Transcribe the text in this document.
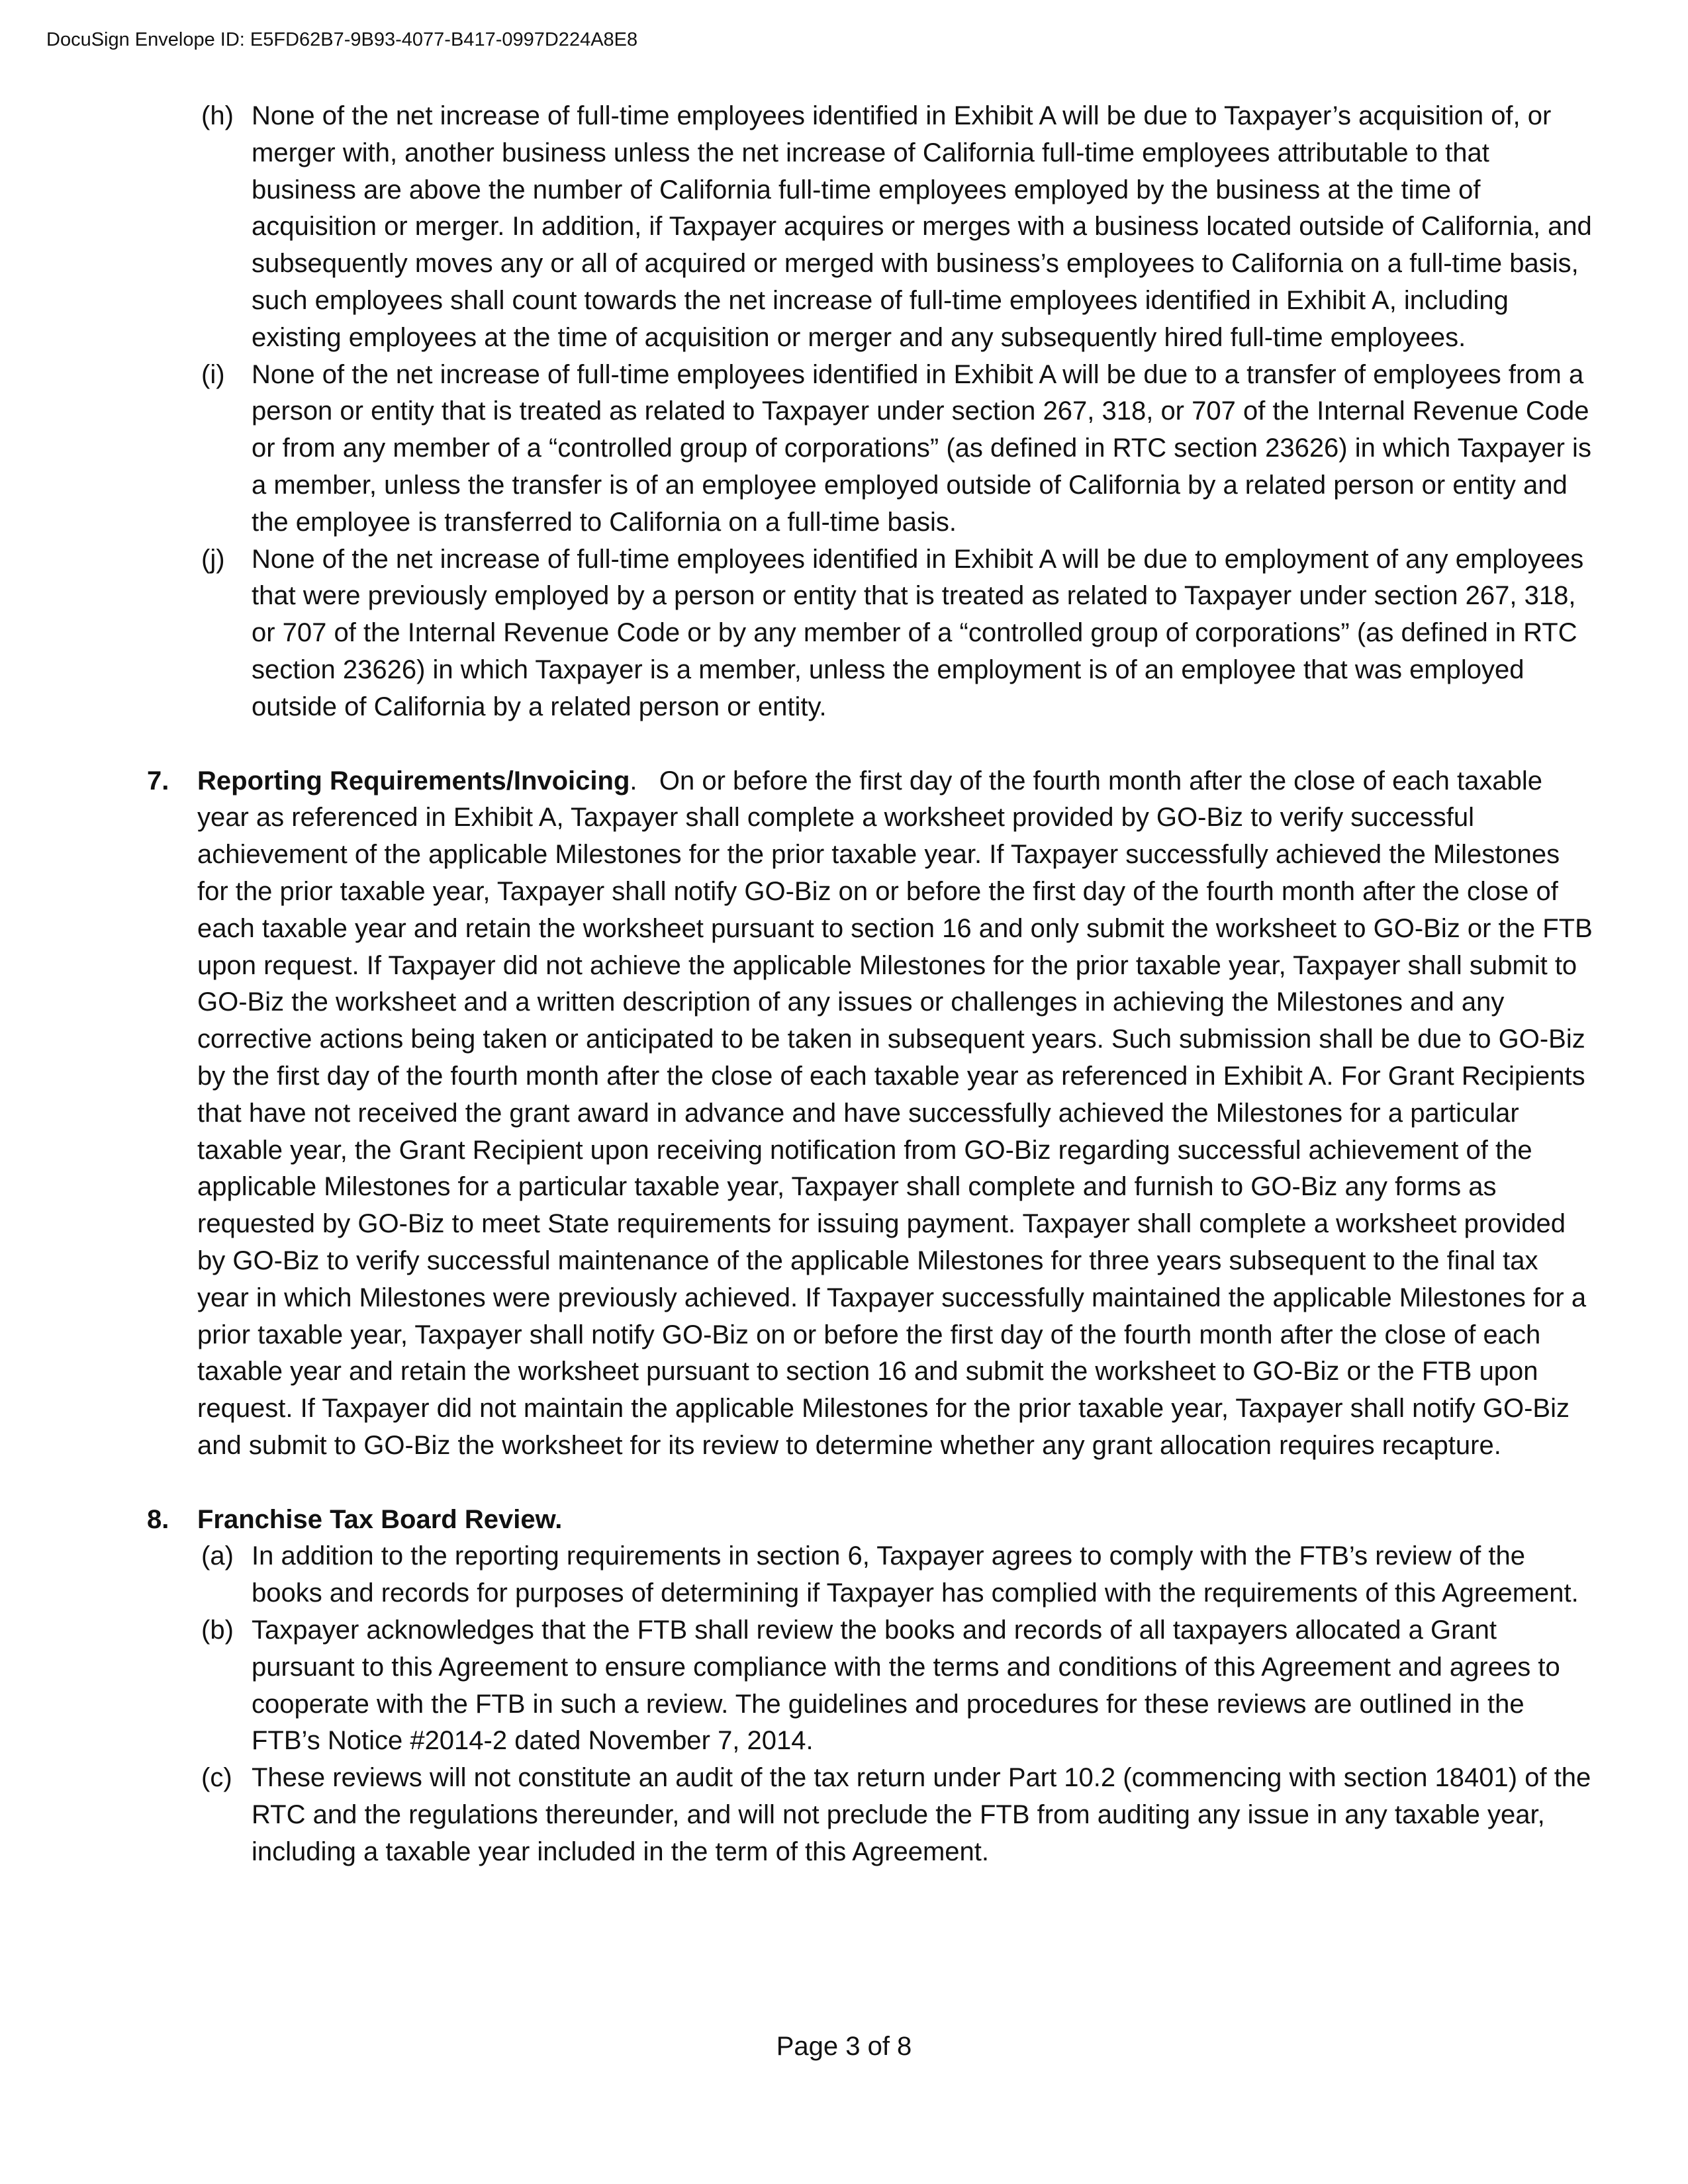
DocuSign Envelope ID: E5FD62B7-9B93-4077-B417-0997D224A8E8
(h) None of the net increase of full-time employees identified in Exhibit A will be due to Taxpayer’s acquisition of, or merger with, another business unless the net increase of California full-time employees attributable to that business are above the number of California full-time employees employed by the business at the time of acquisition or merger. In addition, if Taxpayer acquires or merges with a business located outside of California, and subsequently moves any or all of acquired or merged with business’s employees to California on a full-time basis, such employees shall count towards the net increase of full-time employees identified in Exhibit A, including existing employees at the time of acquisition or merger and any subsequently hired full-time employees.
(i)	None of the net increase of full-time employees identified in Exhibit A will be due to a transfer of employees from a person or entity that is treated as related to Taxpayer under section 267, 318, or 707 of the Internal Revenue Code or from any member of a “controlled group of corporations” (as defined in RTC section 23626) in which Taxpayer is a member, unless the transfer is of an employee employed outside of California by a related person or entity and the employee is transferred to California on a full-time basis.
(j)	None of the net increase of full-time employees identified in Exhibit A will be due to employment of any employees that were previously employed by a person or entity that is treated as related to Taxpayer under section 267, 318, or 707 of the Internal Revenue Code or by any member of a “controlled group of corporations” (as defined in RTC section 23626) in which Taxpayer is a member, unless the employment is of an employee that was employed outside of California by a related person or entity.
7.	Reporting Requirements/Invoicing. On or before the first day of the fourth month after the close of each taxable year as referenced in Exhibit A, Taxpayer shall complete a worksheet provided by GO-Biz to verify successful achievement of the applicable Milestones for the prior taxable year. If Taxpayer successfully achieved the Milestones for the prior taxable year, Taxpayer shall notify GO-Biz on or before the first day of the fourth month after the close of each taxable year and retain the worksheet pursuant to section 16 and only submit the worksheet to GO-Biz or the FTB upon request. If Taxpayer did not achieve the applicable Milestones for the prior taxable year, Taxpayer shall submit to GO-Biz the worksheet and a written description of any issues or challenges in achieving the Milestones and any corrective actions being taken or anticipated to be taken in subsequent years. Such submission shall be due to GO-Biz by the first day of the fourth month after the close of each taxable year as referenced in Exhibit A. For Grant Recipients that have not received the grant award in advance and have successfully achieved the Milestones for a particular taxable year, the Grant Recipient upon receiving notification from GO-Biz regarding successful achievement of the applicable Milestones for a particular taxable year, Taxpayer shall complete and furnish to GO-Biz any forms as requested by GO-Biz to meet State requirements for issuing payment. Taxpayer shall complete a worksheet provided by GO-Biz to verify successful maintenance of the applicable Milestones for three years subsequent to the final tax year in which Milestones were previously achieved. If Taxpayer successfully maintained the applicable Milestones for a prior taxable year, Taxpayer shall notify GO-Biz on or before the first day of the fourth month after the close of each taxable year and retain the worksheet pursuant to section 16 and submit the worksheet to GO-Biz or the FTB upon request. If Taxpayer did not maintain the applicable Milestones for the prior taxable year, Taxpayer shall notify GO-Biz and submit to GO-Biz the worksheet for its review to determine whether any grant allocation requires recapture.
8.	Franchise Tax Board Review.
(a) In addition to the reporting requirements in section 6, Taxpayer agrees to comply with the FTB’s review of the books and records for purposes of determining if Taxpayer has complied with the requirements of this Agreement.
(b) Taxpayer acknowledges that the FTB shall review the books and records of all taxpayers allocated a Grant pursuant to this Agreement to ensure compliance with the terms and conditions of this Agreement and agrees to cooperate with the FTB in such a review. The guidelines and procedures for these reviews are outlined in the FTB’s Notice #2014-2 dated November 7, 2014.
(c) These reviews will not constitute an audit of the tax return under Part 10.2 (commencing with section 18401) of the RTC and the regulations thereunder, and will not preclude the FTB from auditing any issue in any taxable year, including a taxable year included in the term of this Agreement.
Page 3 of 8
